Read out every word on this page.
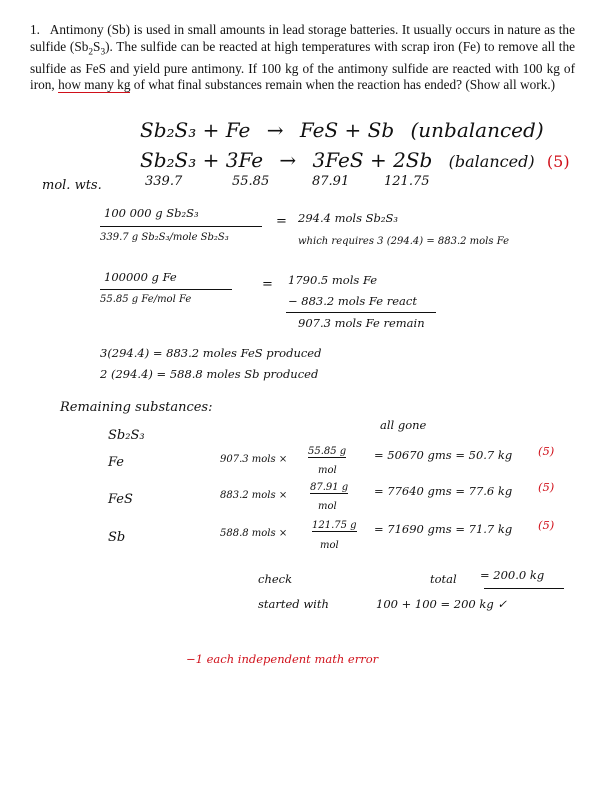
1. Antimony (Sb) is used in small amounts in lead storage batteries. It usually occurs in nature as the sulfide $(Sb_2S_3)$. The sulfide can be reacted at high temperatures with scrap iron (Fe) to remove all the sulfide as FeS and yield pure antimony. If 100 kg of the antimony sulfide are reacted with 100 kg of iron, how many kg of what final substances remain when the reaction has ended? (Show all work.)
Sb₂S₃ + Fe → FeS + Sb (unbalanced)
Sb₂S₃ + 3Fe → 3FeS + 2Sb (balanced) (5)
mol. wts.	339.7	55.85	87.91	121.75
100 000 g Sb₂S₃
339.7 g Sb₂S₃/mole Sb₂S₃
= 294.4 mols Sb₂S₃
which requires 3 (294.4) = 883.2 mols Fe
100000 g Fe
55.85 g Fe/mol Fe
= 1790.5 mols Fe
− 883.2 mols Fe react
907.3 mols Fe remain
3(294.4) = 883.2 moles FeS produced
2 (294.4) = 588.8 moles Sb produced
Remaining substances:
Sb₂S₃
all gone
Fe	907.3 mols ×
55.85 g
mol
= 50670 gms = 50.7 kg (5)
FeS	883.2 mols ×
87.91 g
mol
= 77640 gms = 77.6 kg (5)
Sb	588.8 mols ×
121.75 g
mol
= 71690 gms = 71.7 kg (5)
check	total = 200.0 kg
started with	100 + 100 = 200 kg ✓
−1 each independent math error
